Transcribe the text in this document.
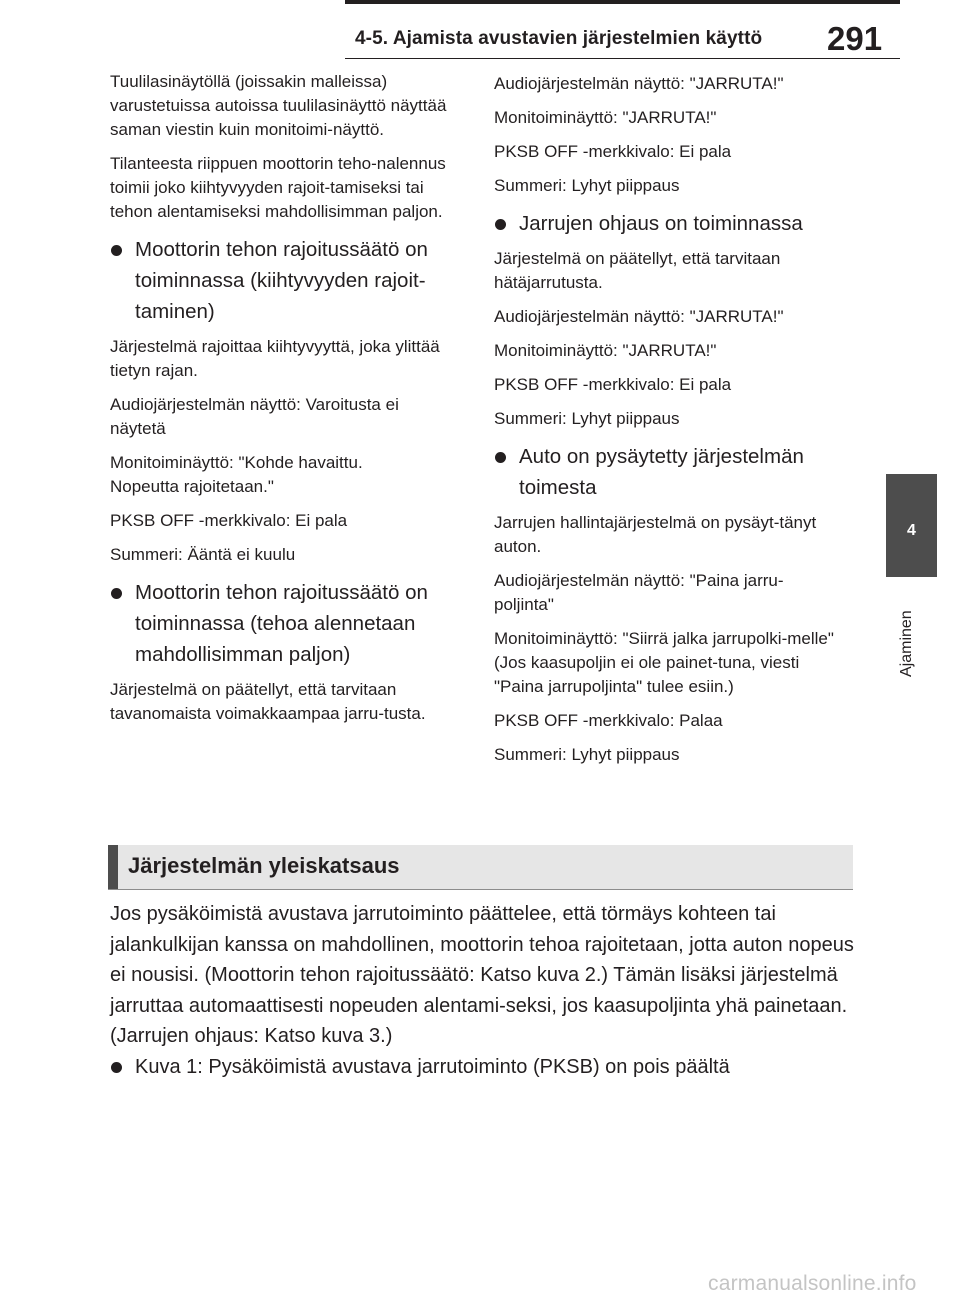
4-5. Ajamista avustavien järjestelmien käyttö 291
4
Ajaminen

Tuulilasinäytöllä (joissakin malleissa) varustetuissa autoissa tuulilasinäyttö näyttää saman viestin kuin monitoimi-näyttö.

Tilanteesta riippuen moottorin teho-nalennus toimii joko kiihtyvyyden rajoit-tamiseksi tai tehon alentamiseksi mahdollisimman paljon.

Moottorin tehon rajoitussäätö on toiminnassa (kiihtyvyyden rajoit-taminen)

Järjestelmä rajoittaa kiihtyvyyttä, joka ylittää tietyn rajan.

Audiojärjestelmän näyttö: Varoitusta ei näytetä

Monitoiminäyttö: "Kohde havaittu. Nopeutta rajoitetaan."

PKSB OFF -merkkivalo: Ei pala

Summeri: Ääntä ei kuulu

Moottorin tehon rajoitussäätö on toiminnassa (tehoa alennetaan mahdollisimman paljon)

Järjestelmä on päätellyt, että tarvitaan tavanomaista voimakkaampaa jarru-tusta.

Audiojärjestelmän näyttö: "JARRUTA!"

Monitoiminäyttö: "JARRUTA!"

PKSB OFF -merkkivalo: Ei pala

Summeri: Lyhyt piippaus

Jarrujen ohjaus on toiminnassa

Järjestelmä on päätellyt, että tarvitaan hätäjarrutusta.

Audiojärjestelmän näyttö: "JARRUTA!"

Monitoiminäyttö: "JARRUTA!"

PKSB OFF -merkkivalo: Ei pala

Summeri: Lyhyt piippaus

Auto on pysäytetty järjestelmän toimesta

Jarrujen hallintajärjestelmä on pysäyt-tänyt auton.

Audiojärjestelmän näyttö: "Paina jarru-poljinta"

Monitoiminäyttö: "Siirrä jalka jarrupolki-melle" (Jos kaasupoljin ei ole painet-tuna, viesti "Paina jarrupoljinta" tulee esiin.)

PKSB OFF -merkkivalo: Palaa

Summeri: Lyhyt piippaus

Järjestelmän yleiskatsaus

Jos pysäköimistä avustava jarrutoiminto päättelee, että törmäys kohteen tai jalankulkijan kanssa on mahdollinen, moottorin tehoa rajoitetaan, jotta auton nopeus ei nousisi. (Moottorin tehon rajoitussäätö: Katso kuva 2.) Tämän lisäksi järjestelmä jarruttaa automaattisesti nopeuden alentami-seksi, jos kaasupoljinta yhä painetaan. (Jarrujen ohjaus: Katso kuva 3.)

Kuva 1: Pysäköimistä avustava jarrutoiminto (PKSB) on pois päältä
carmanualsonline.info
